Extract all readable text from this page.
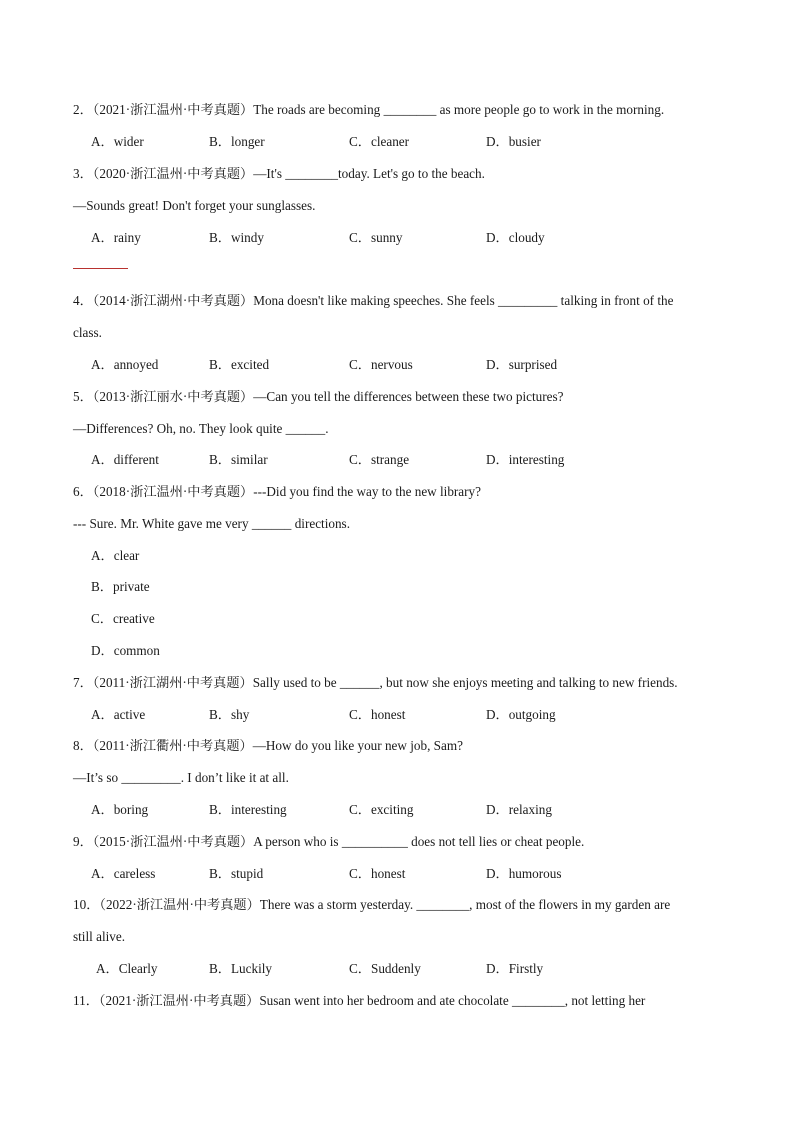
2．（2021·浙江温州·中考真题）The roads are becoming ________ as more people go to work in the morning.
A．wider	B．longer	C．cleaner	D．busier
3．（2020·浙江温州·中考真题）—It's ________today. Let's go to the beach.
—Sounds great! Don't forget your sunglasses.
A．rainy	B．windy	C．sunny	D．cloudy
4．（2014·浙江湖州·中考真题）Mona doesn't like making speeches. She feels _________ talking in front of the
class.
A．annoyed	B．excited	C．nervous	D．surprised
5．（2013·浙江丽水·中考真题）—Can you tell the differences between these two pictures?
—Differences? Oh, no. They look quite ______.
A．different	B．similar	C．strange	D．interesting
6．（2018·浙江温州·中考真题）---Did you find the way to the new library?
--- Sure. Mr. White gave me very ______ directions.
A．clear
B．private
C．creative
D．common
7．（2011·浙江湖州·中考真题）Sally used to be ______, but now she enjoys meeting and talking to new friends.
A．active	B．shy	C．honest	D．outgoing
8．（2011·浙江衢州·中考真题）—How do you like your new job, Sam?
—It’s so _________. I don’t like it at all.
A．boring	B．interesting	C．exciting	D．relaxing
9．（2015·浙江温州·中考真题）A person who is __________ does not tell lies or cheat people.
A．careless	B．stupid	C．honest	D．humorous
10．（2022·浙江温州·中考真题）There was a storm yesterday. ________, most of the flowers in my garden are
still alive.
A．Clearly	B．Luckily	C．Suddenly	D．Firstly
11．（2021·浙江温州·中考真题）Susan went into her bedroom and ate chocolate ________, not letting her
